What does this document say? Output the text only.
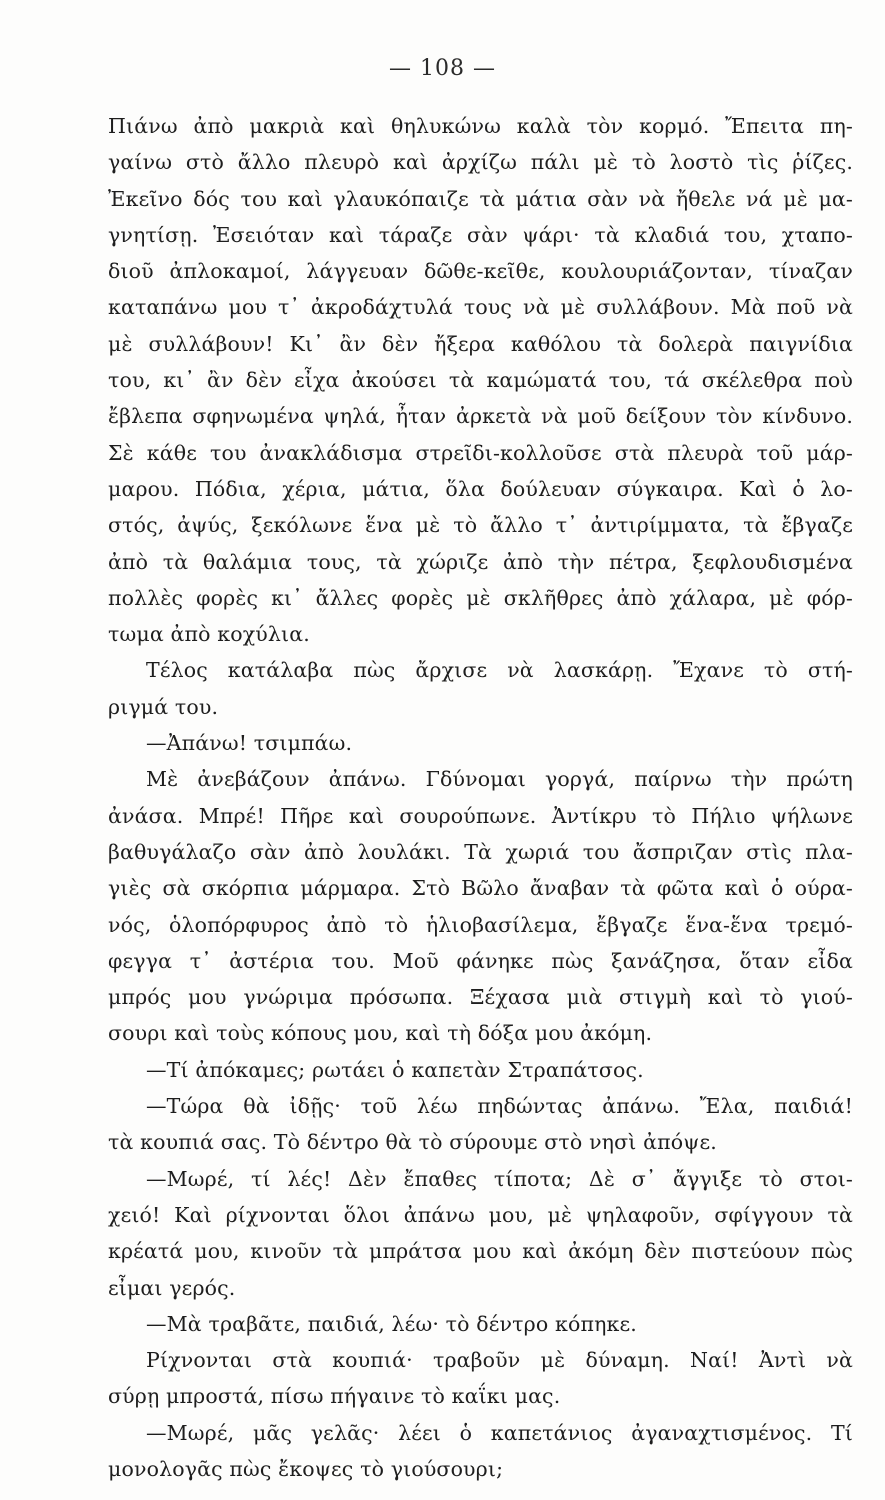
— 108 —
Πιάνω ἀπὸ μακριὰ καὶ θηλυκώνω καλὰ τὸν κορμό. Ἔπειτα πη-
γαίνω στὸ ἄλλο πλευρὸ καὶ ἀρχίζω πάλι μὲ τὸ λοστὸ τὶς ῥίζες.
Ἐκεῖνο δός του καὶ γλαυκόπαιζε τὰ μάτια σὰν νὰ ἤθελε νά μὲ μα-
γνητίσῃ. Ἐσειόταν καὶ τάραζε σὰν ψάρι· τὰ κλαδιά του, χταπο-
διοῦ ἀπλοκαμοί, λάγγευαν δῶθε-κεῖθε, κουλουριάζονταν, τίναζαν
καταπάνω μου τ᾽ ἀκροδάχτυλά τους νὰ μὲ συλλάβουν. Μὰ ποῦ νὰ
μὲ συλλάβουν! Κι᾽ ἂν δὲν ἤξερα καθόλου τὰ δολερὰ παιγνίδια
του, κι᾽ ἂν δὲν εἶχα ἀκούσει τὰ καμώματά του, τά σκέλεθρα ποὺ
ἔβλεπα σφηνωμένα ψηλά, ἦταν ἀρκετὰ νὰ μοῦ δείξουν τὸν κίνδυνο.
Σὲ κάθε του ἀνακλάδισμα στρεῖδι-κολλοῦσε στὰ πλευρὰ τοῦ μάρ-
μαρου. Πόδια, χέρια, μάτια, ὅλα δούλευαν σύγκαιρα. Καὶ ὁ λο-
στός, ἀψύς, ξεκόλωνε ἕνα μὲ τὸ ἄλλο τ᾽ ἀντιρίμματα, τὰ ἔβγαζε
ἀπὸ τὰ θαλάμια τους, τὰ χώριζε ἀπὸ τὴν πέτρα, ξεφλουδισμένα
πολλὲς φορὲς κι᾽ ἄλλες φορὲς μὲ σκλῆθρες ἀπὸ χάλαρα, μὲ φόρ-
τωμα ἀπὸ κοχύλια.
Τέλος κατάλαβα πὼς ἄρχισε νὰ λασκάρῃ. Ἔχανε τὸ στή-
ριγμά του.
—Ἀπάνω! τσιμπάω.
Μὲ ἀνεβάζουν ἀπάνω. Γδύνομαι γοργά, παίρνω τὴν πρώτη
ἀνάσα. Μπρέ! Πῆρε καὶ σουρούπωνε. Ἀντίκρυ τὸ Πήλιο ψήλωνε
βαθυγάλαζο σὰν ἀπὸ λουλάκι. Τὰ χωριά του ἄσπριζαν στὶς πλα-
γιὲς σὰ σκόρπια μάρμαρα. Στὸ Βῶλο ἄναβαν τὰ φῶτα καὶ ὁ ούρα-
νός, ὁλοπόρφυρος ἀπὸ τὸ ἡλιοβασίλεμα, ἔβγαζε ἕνα-ἕνα τρεμό-
φεγγα τ᾽ ἀστέρια του. Μοῦ φάνηκε πὼς ξανάζησα, ὅταν εἶδα
μπρός μου γνώριμα πρόσωπα. Ξέχασα μιὰ στιγμὴ καὶ τὸ γιού-
σουρι καὶ τοὺς κόπους μου, καὶ τὴ δόξα μου ἀκόμη.
—Τί ἀπόκαμες; ρωτάει ὁ καπετὰν Στραπάτσος.
—Τώρα θὰ ἰδῇς· τοῦ λέω πηδώντας ἀπάνω. Ἔλα, παιδιά!
τὰ κουπιά σας. Τὸ δέντρο θὰ τὸ σύρουμε στὸ νησὶ ἀπόψε.
—Μωρέ, τί λές! Δὲν ἔπαθες τίποτα; Δὲ σ᾽ ἄγγιξε τὸ στοι-
χειό! Καὶ ρίχνονται ὅλοι ἀπάνω μου, μὲ ψηλαφοῦν, σφίγγουν τὰ
κρέατά μου, κινοῦν τὰ μπράτσα μου καὶ ἀκόμη δὲν πιστεύουν πὼς
εἶμαι γερός.
—Μὰ τραβᾶτε, παιδιά, λέω· τὸ δέντρο κόπηκε.
Ρίχνονται στὰ κουπιά· τραβοῦν μὲ δύναμη. Ναί! Ἀντὶ νὰ
σύρῃ μπροστά, πίσω πήγαινε τὸ καΐκι μας.
—Μωρέ, μᾶς γελᾶς· λέει ὁ καπετάνιος ἀγαναχτισμένος. Τί
μονολογᾶς πὼς ἔκοψες τὸ γιούσουρι;
